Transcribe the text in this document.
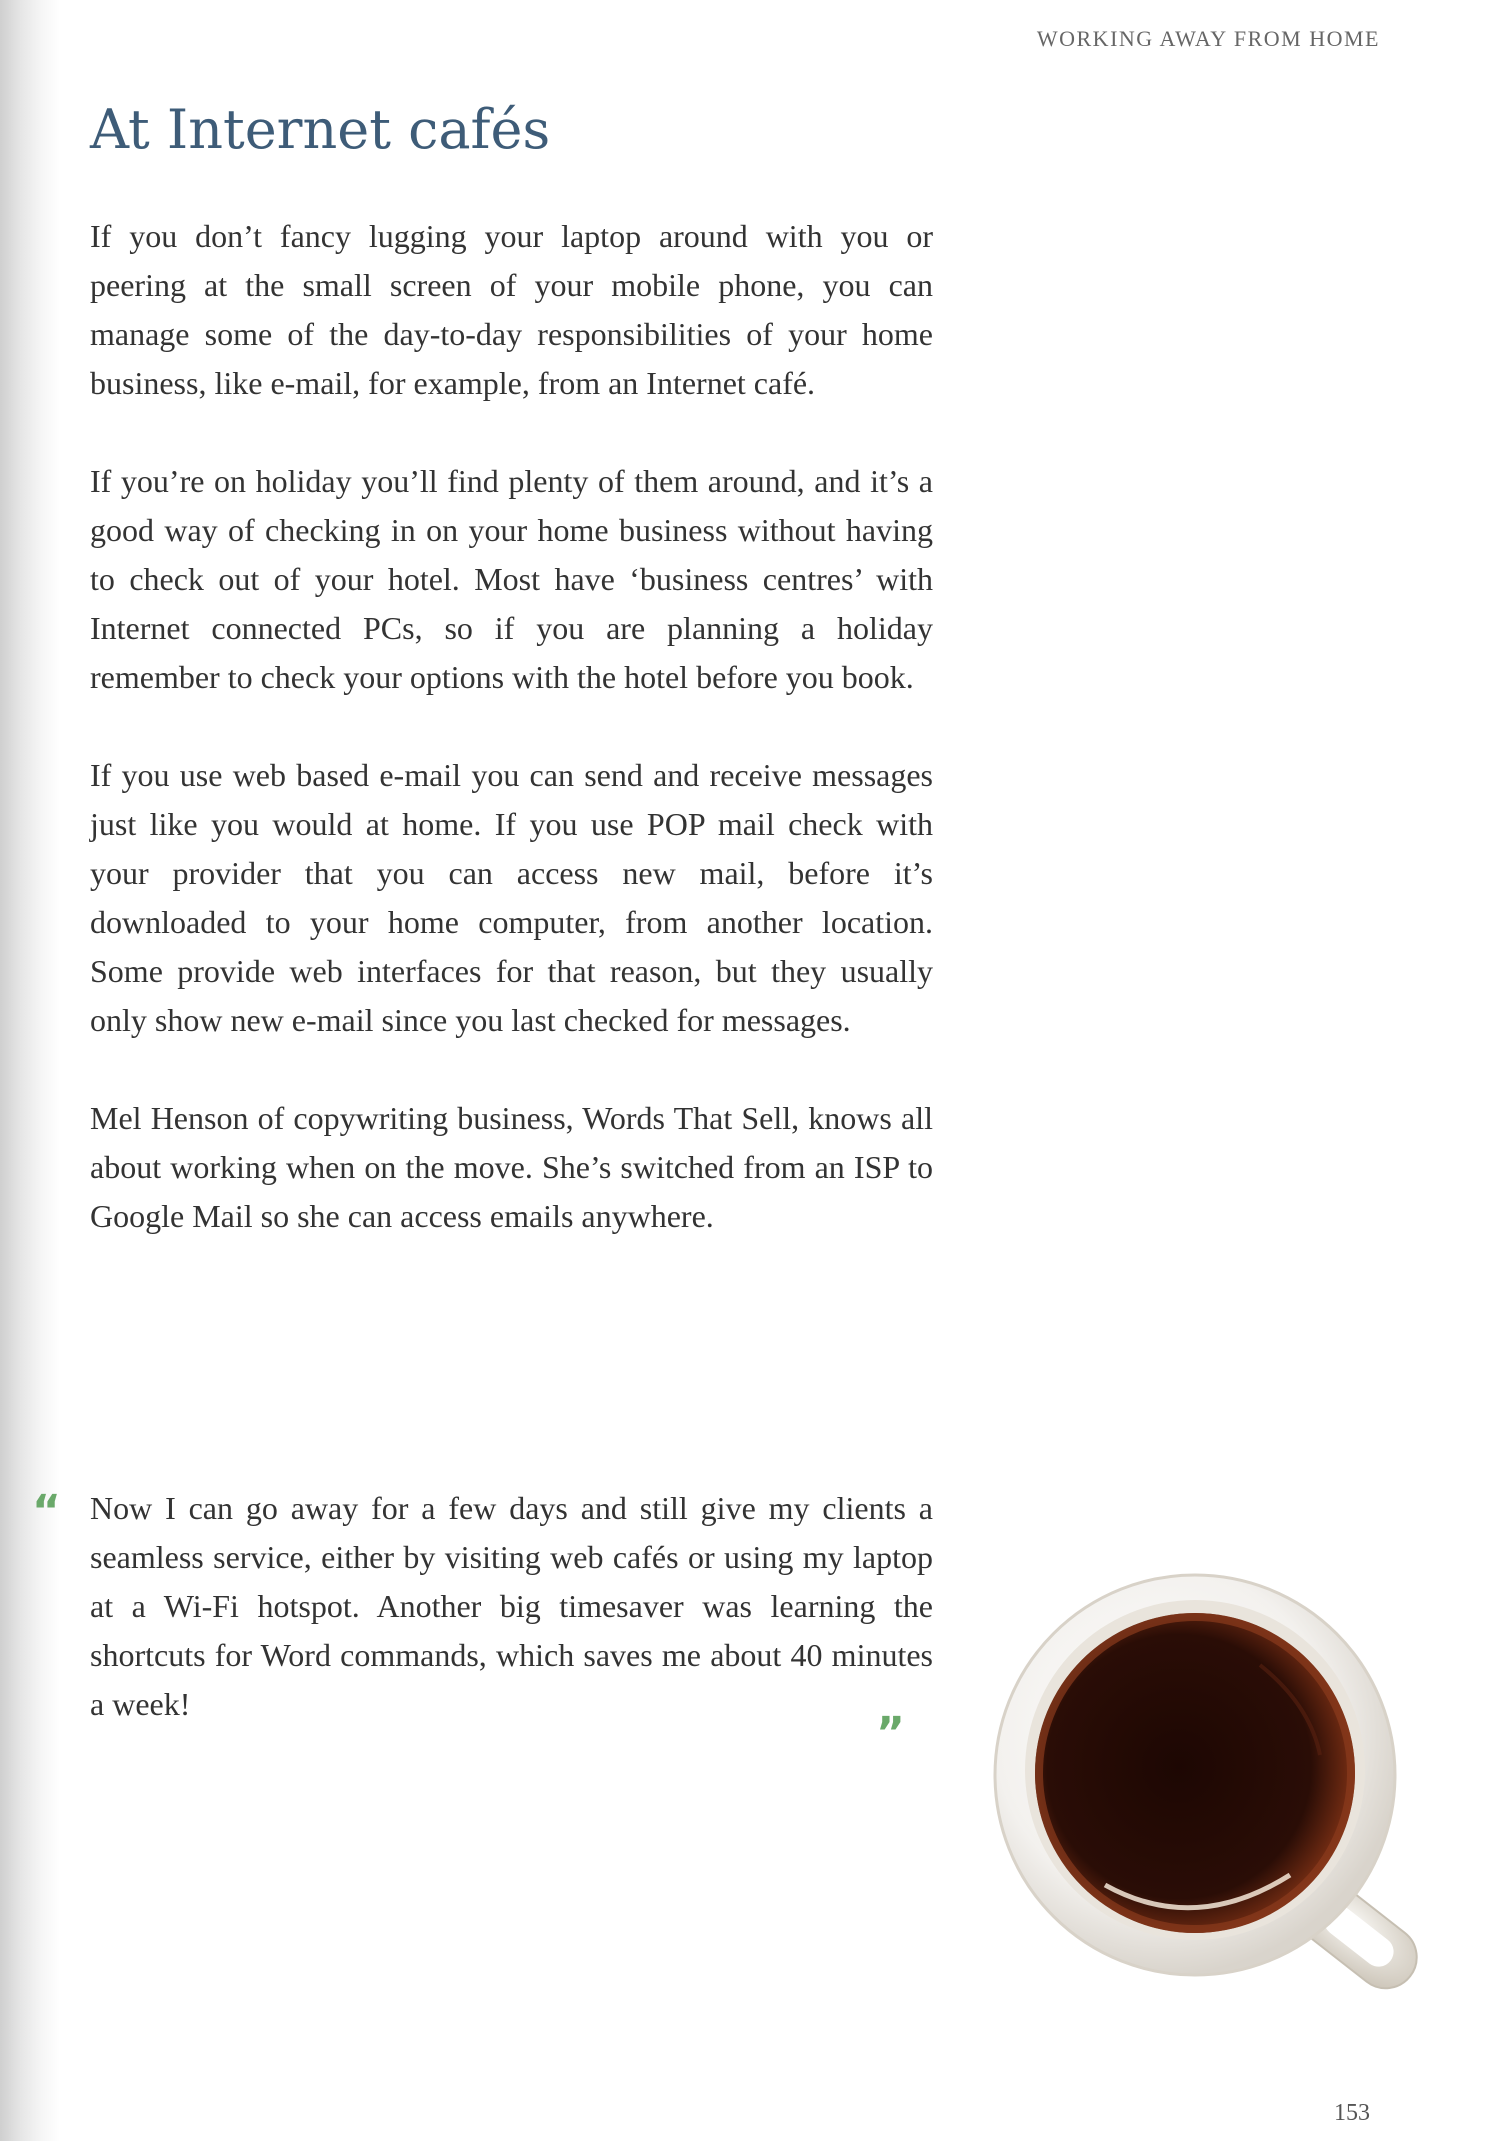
WORKING AWAY FROM HOME
At Internet cafés

If you don’t fancy lugging your laptop around with you or peering at the small screen of your mobile phone, you can manage some of the day-to-day responsibilities of your home business, like e-mail, for example, from an Internet café.

If you’re on holiday you’ll find plenty of them around, and it’s a good way of checking in on your home business without having to check out of your hotel. Most have ‘business centres’ with Internet connected PCs, so if you are planning a holiday remember to check your options with the hotel before you book.

If you use web based e-mail you can send and receive messages just like you would at home. If you use POP mail check with your provider that you can access new mail, before it’s downloaded to your home computer, from another location. Some provide web interfaces for that reason, but they usually only show new e-mail since you last checked for messages.

Mel Henson of copywriting business, Words That Sell, knows all about working when on the move. She’s switched from an ISP to Google Mail so she can access emails anywhere.

“ Now I can go away for a few days and still give my clients a seamless service, either by visiting web cafés or using my laptop at a Wi-Fi hotspot. Another big timesaver was learning the shortcuts for Word commands, which saves me about 40 minutes a week!
”
153
